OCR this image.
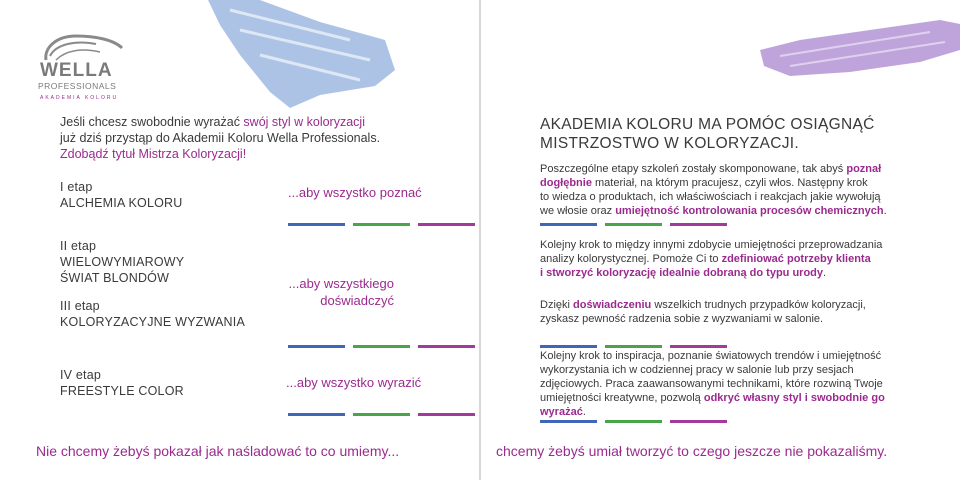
WELLA
PROFESSIONALS
AKADEMIA KOLORU
Jeśli chcesz swobodnie wyrażać swój styl w koloryzacji
już dziś przystąp do Akademii Koloru Wella Professionals.
Zdobądź tytuł Mistrza Koloryzacji!
I etap
ALCHEMIA KOLORU
...aby wszystko poznać
II etap
WIELOWYMIAROWY
ŚWIAT BLONDÓW	...aby wszystkiego
doświadczyć
III etap
KOLORYZACYJNE WYZWANIA
IV etap
FREESTYLE COLOR
...aby wszystko wyrazić
Nie chcemy żebyś pokazał jak naśladować to co umiemy...
AKADEMIA KOLORU MA POMÓC OSIĄGNĄĆ
MISTRZOSTWO W KOLORYZACJI.
Poszczególne etapy szkoleń zostały skomponowane, tak abyś poznał
dogłębnie materiał, na którym pracujesz, czyli włos. Następny krok
to wiedza o produktach, ich właściwościach i reakcjach jakie wywołują
we włosie oraz umiejętność kontrolowania procesów chemicznych.
Kolejny krok to między innymi zdobycie umiejętności przeprowadzania
analizy kolorystycznej. Pomoże Ci to zdefiniować potrzeby klienta
i stworzyć koloryzację idealnie dobraną do typu urody.
Dzięki doświadczeniu wszelkich trudnych przypadków koloryzacji,
zyskasz pewność radzenia sobie z wyzwaniami w salonie.
Kolejny krok to inspiracja, poznanie światowych trendów i umiejętność
wykorzystania ich w codziennej pracy w salonie lub przy sesjach
zdjęciowych. Praca zaawansowanymi technikami, które rozwiną Twoje
umiejętności kreatywne, pozwolą odkryć własny styl i swobodnie go
wyrażać.
chcemy żebyś umiał tworzyć to czego jeszcze nie pokazaliśmy.
